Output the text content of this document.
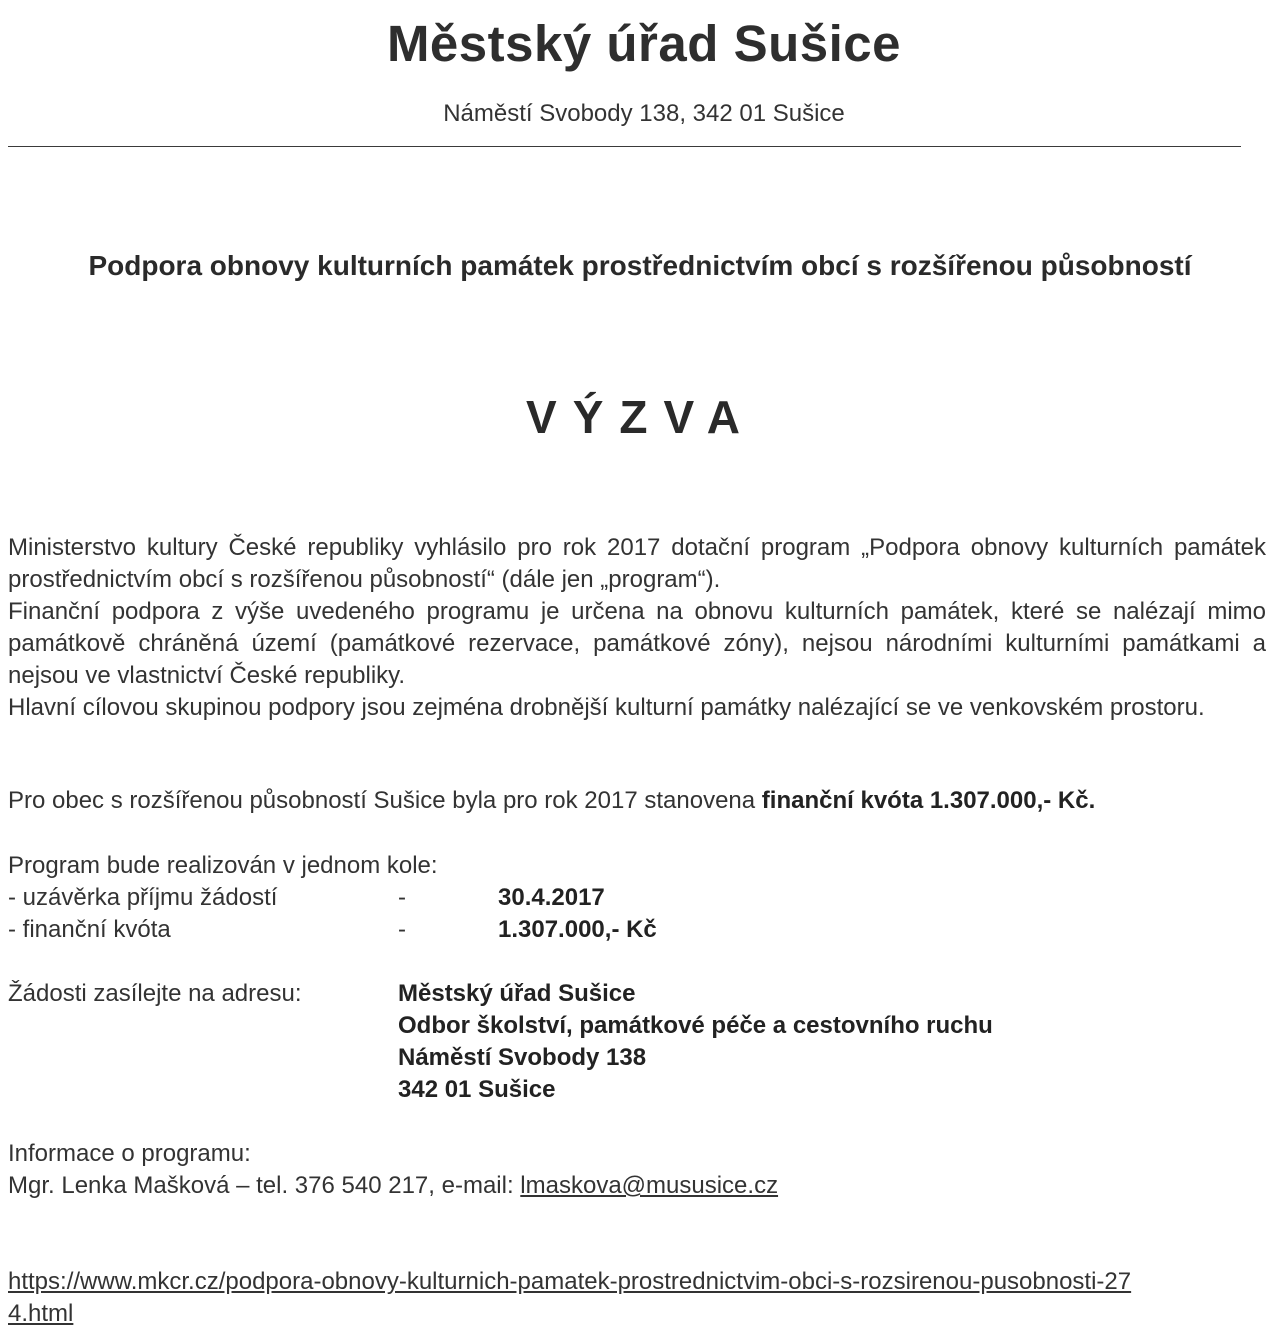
Městský úřad Sušice
Náměstí Svobody 138, 342 01 Sušice
Podpora obnovy kulturních památek prostřednictvím obcí s rozšířenou působností
VÝZVA

Ministerstvo kultury České republiky vyhlásilo pro rok 2017 dotační program „Podpora obnovy kulturních památek prostřednictvím obcí s rozšířenou působností“ (dále jen „program“).

Finanční podpora z výše uvedeného programu je určena na obnovu kulturních památek, které se nalézají mimo památkově chráněná území (památkové rezervace, památkové zóny), nejsou národními kulturními památkami a nejsou ve vlastnictví České republiky.

Hlavní cílovou skupinou podpory jsou zejména drobnější kulturní památky nalézající se ve venkovském prostoru.

Pro obec s rozšířenou působností Sušice byla pro rok 2017 stanovena finanční kvóta 1.307.000,- Kč.
Program bude realizován v jednom kole:
- uzávěrka příjmu žádostí	-	30.4.2017
- finanční kvóta	-	1.307.000,- Kč
Žádosti zasílejte na adresu:	Městský úřad Sušice
Odbor školství, památkové péče a cestovního ruchu
Náměstí Svobody 138
342 01 Sušice
Informace o programu:
Mgr. Lenka Mašková – tel. 376 540 217, e-mail: lmaskova@mususice.cz
https://www.mkcr.cz/podpora-obnovy-kulturnich-pamatek-prostrednictvim-obci-s-rozsirenou-pusobnosti-274.html
